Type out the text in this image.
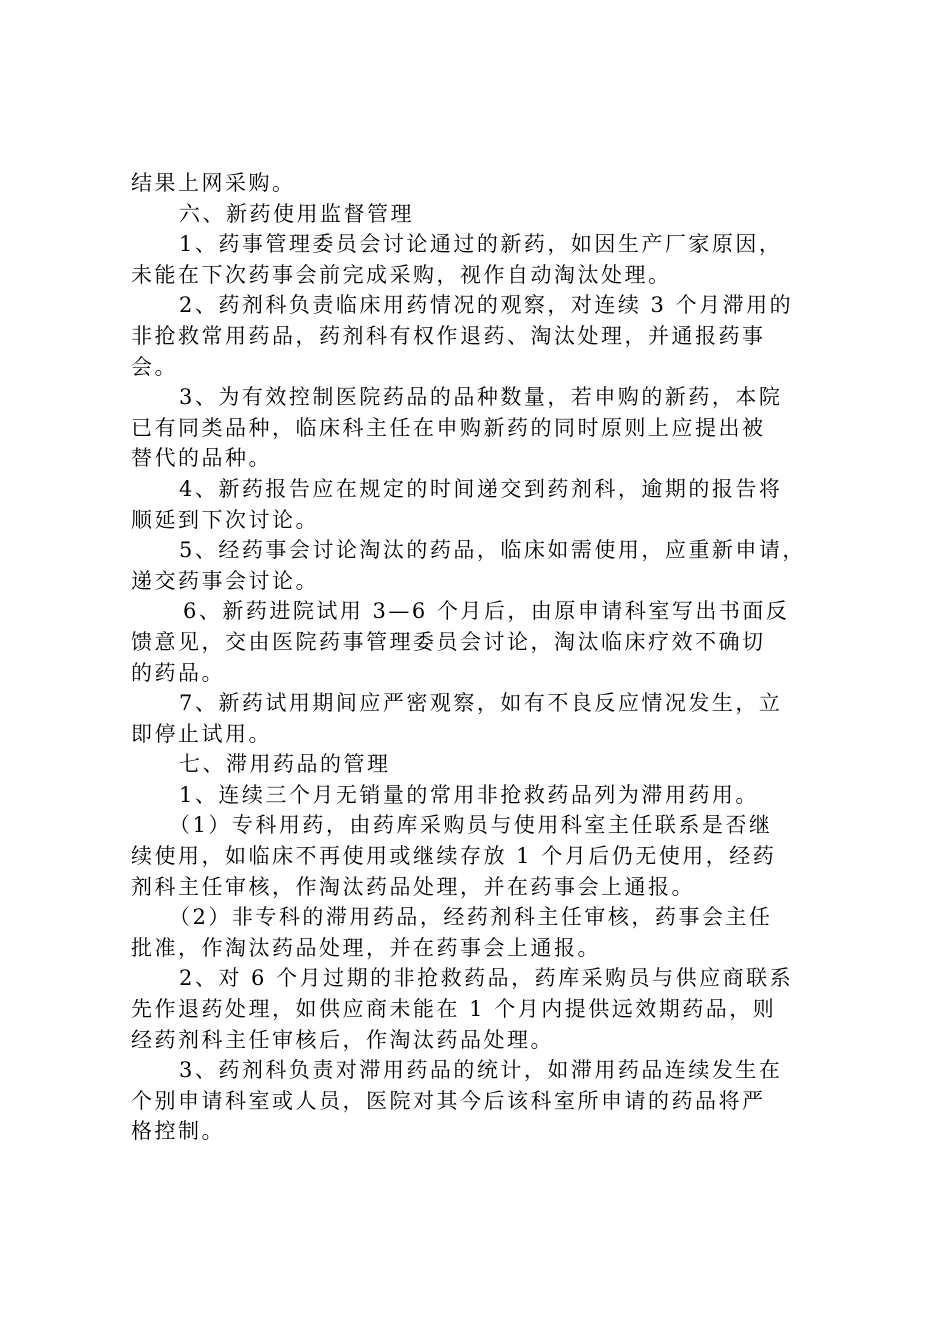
结果上网采购。
六、新药使用监督管理
1、药事管理委员会讨论通过的新药，如因生产厂家原因，
未能在下次药事会前完成采购，视作自动淘汰处理。
2、药剂科负责临床用药情况的观察，对连续 3 个月滞用的
非抢救常用药品，药剂科有权作退药、淘汰处理，并通报药事
会。
3、为有效控制医院药品的品种数量，若申购的新药，本院
已有同类品种，临床科主任在申购新药的同时原则上应提出被
替代的品种。
4、新药报告应在规定的时间递交到药剂科，逾期的报告将
顺延到下次讨论。
5、经药事会讨论淘汰的药品，临床如需使用，应重新申请，
递交药事会讨论。
6、新药进院试用 3—6 个月后，由原申请科室写出书面反
馈意见，交由医院药事管理委员会讨论，淘汰临床疗效不确切
的药品。
7、新药试用期间应严密观察，如有不良反应情况发生，立
即停止试用。
七、滞用药品的管理
1、连续三个月无销量的常用非抢救药品列为滞用药用。
（1）专科用药，由药库采购员与使用科室主任联系是否继
续使用，如临床不再使用或继续存放 1 个月后仍无使用，经药
剂科主任审核，作淘汰药品处理，并在药事会上通报。
（2）非专科的滞用药品，经药剂科主任审核，药事会主任
批准，作淘汰药品处理，并在药事会上通报。
2、对 6 个月过期的非抢救药品，药库采购员与供应商联系
先作退药处理，如供应商未能在 1 个月内提供远效期药品，则
经药剂科主任审核后，作淘汰药品处理。
3、药剂科负责对滞用药品的统计，如滞用药品连续发生在
个别申请科室或人员，医院对其今后该科室所申请的药品将严
格控制。
